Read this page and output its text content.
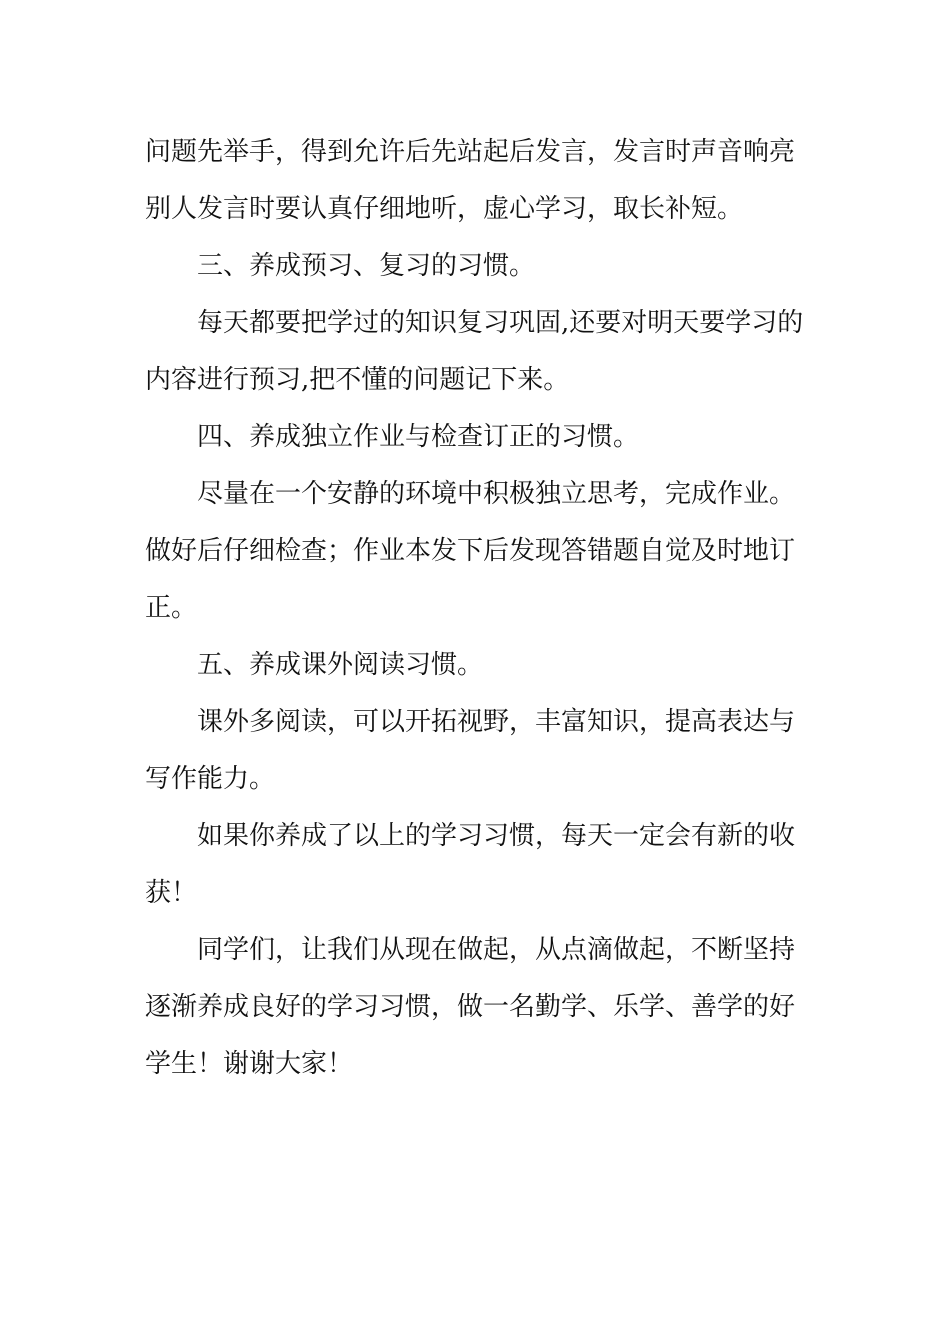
问题先举手，得到允许后先站起后发言，发言时声音响亮
别人发言时要认真仔细地听，虚心学习，取长补短。
三、养成预习、复习的习惯。
每天都要把学过的知识复习巩固,还要对明天要学习的
内容进行预习,把不懂的问题记下来。
四、养成独立作业与检查订正的习惯。
尽量在一个安静的环境中积极独立思考，完成作业。
做好后仔细检查；作业本发下后发现答错题自觉及时地订
正。
五、养成课外阅读习惯。
课外多阅读，可以开拓视野，丰富知识，提高表达与
写作能力。
如果你养成了以上的学习习惯，每天一定会有新的收
获！
同学们，让我们从现在做起，从点滴做起，不断坚持
逐渐养成良好的学习习惯，做一名勤学、乐学、善学的好
学生！谢谢大家！
